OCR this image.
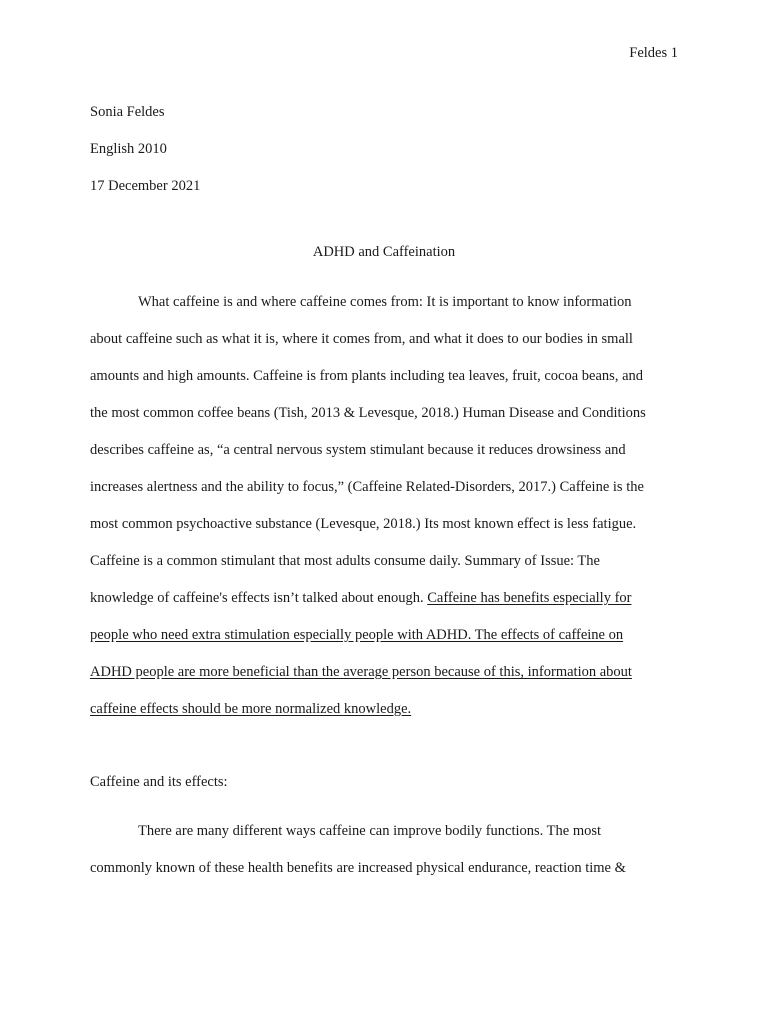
Feldes 1
Sonia Feldes
English 2010
17 December 2021
ADHD and Caffeination
What caffeine is and where caffeine comes from: It is important to know information
about caffeine such as what it is, where it comes from, and what it does to our bodies in small
amounts and high amounts. Caffeine is from plants including tea leaves, fruit, cocoa beans, and
the most common coffee beans (Tish, 2013 & Levesque, 2018.) Human Disease and Conditions
describes caffeine as, “a central nervous system stimulant because it reduces drowsiness and
increases alertness and the ability to focus,” (Caffeine Related-Disorders, 2017.) Caffeine is the
most common psychoactive substance (Levesque, 2018.) Its most known effect is less fatigue.
Caffeine is a common stimulant that most adults consume daily. Summary of Issue: The
knowledge of caffeine's effects isn’t talked about enough. Caffeine has benefits especially for
people who need extra stimulation especially people with ADHD. The effects of caffeine on
ADHD people are more beneficial than the average person because of this, information about
caffeine effects should be more normalized knowledge.
Caffeine and its effects:
There are many different ways caffeine can improve bodily functions. The most
commonly known of these health benefits are increased physical endurance, reaction time &
